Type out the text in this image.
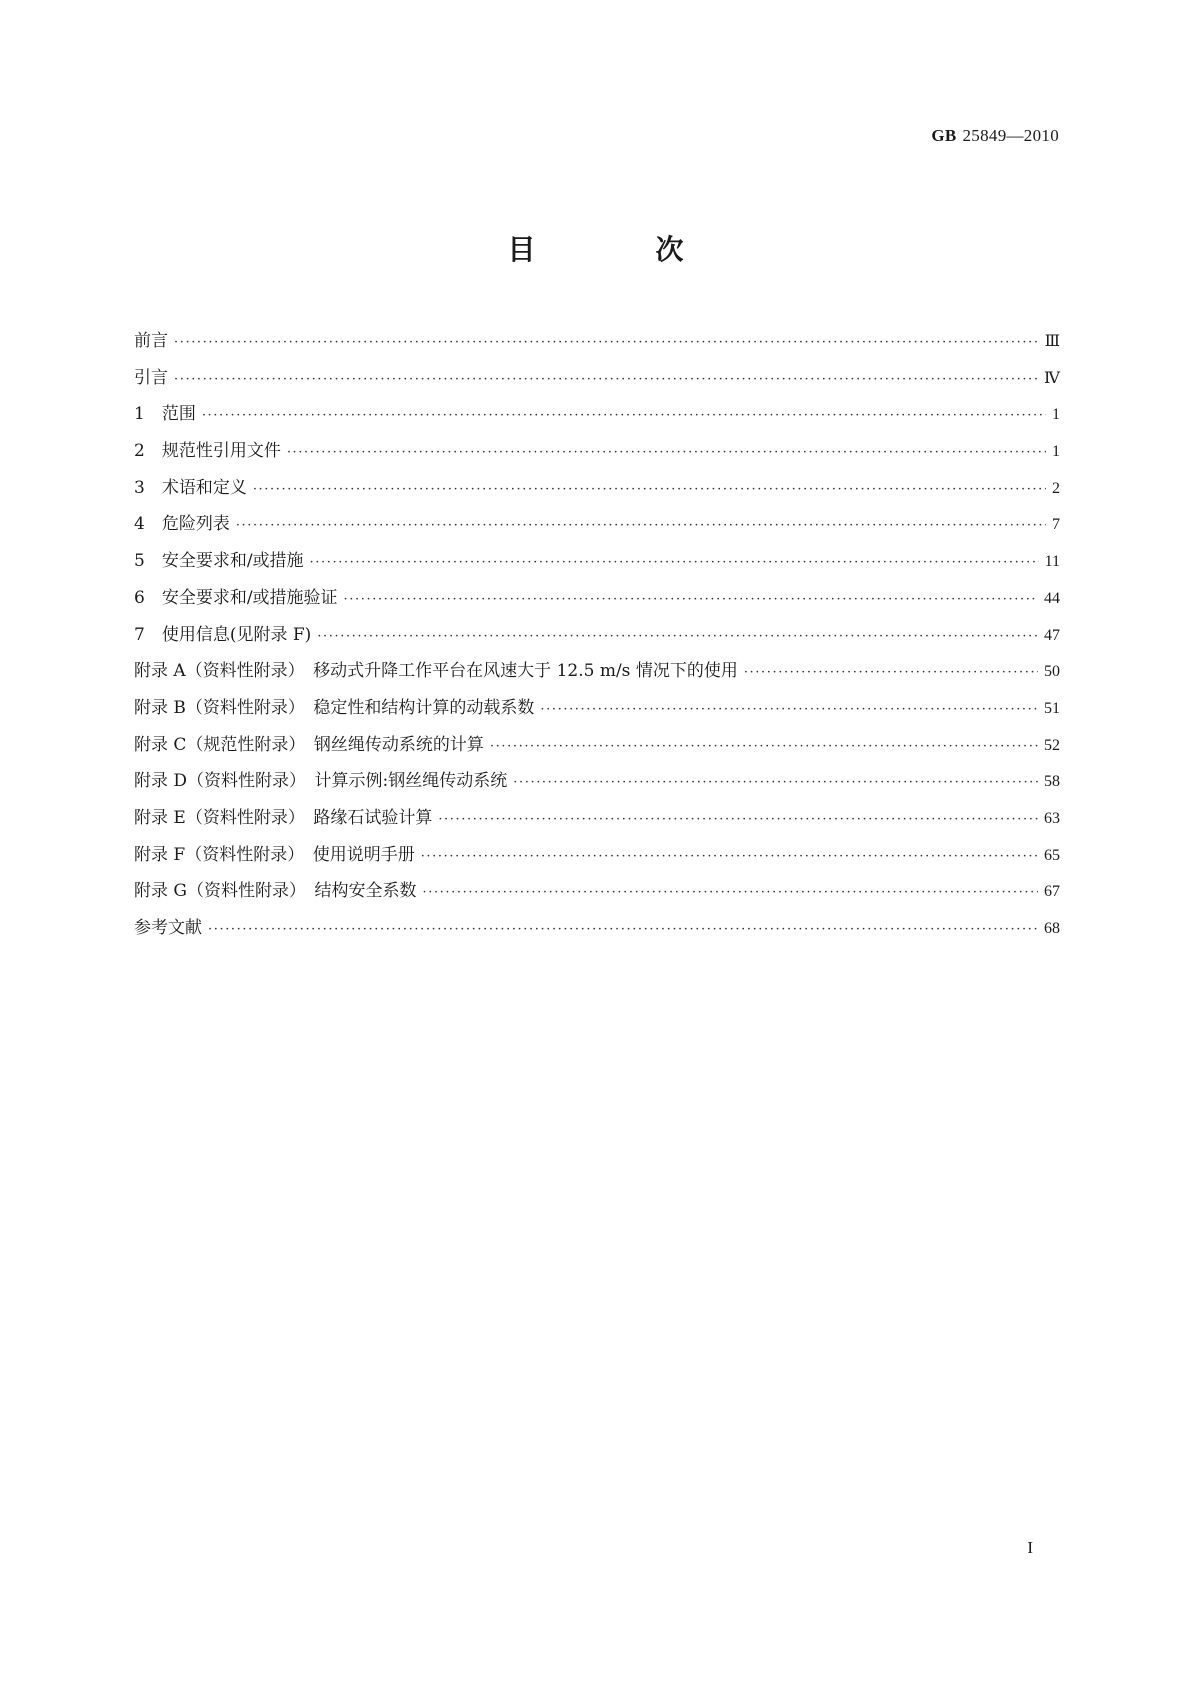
GB 25849—2010
目　次
前言 ·····	Ⅲ
引言 ·····	Ⅳ
1　范围 ·····	1
2　规范性引用文件 ·····	1
3　术语和定义 ·····	2
4　危险列表 ·····	7
5　安全要求和/或措施 ·····	11
6　安全要求和/或措施验证 ·····	44
7　使用信息(见附录 F) ·····	47
附录 A（资料性附录）　移动式升降工作平台在风速大于 12.5 m/s 情况下的使用 ·····	50
附录 B（资料性附录）　稳定性和结构计算的动载系数 ·····	51
附录 C（规范性附录）　钢丝绳传动系统的计算 ·····	52
附录 D（资料性附录）　计算示例:钢丝绳传动系统 ·····	58
附录 E（资料性附录）　路缘石试验计算 ·····	63
附录 F（资料性附录）　使用说明手册 ·····	65
附录 G（资料性附录）　结构安全系数 ·····	67
参考文献 ·····	68
I
